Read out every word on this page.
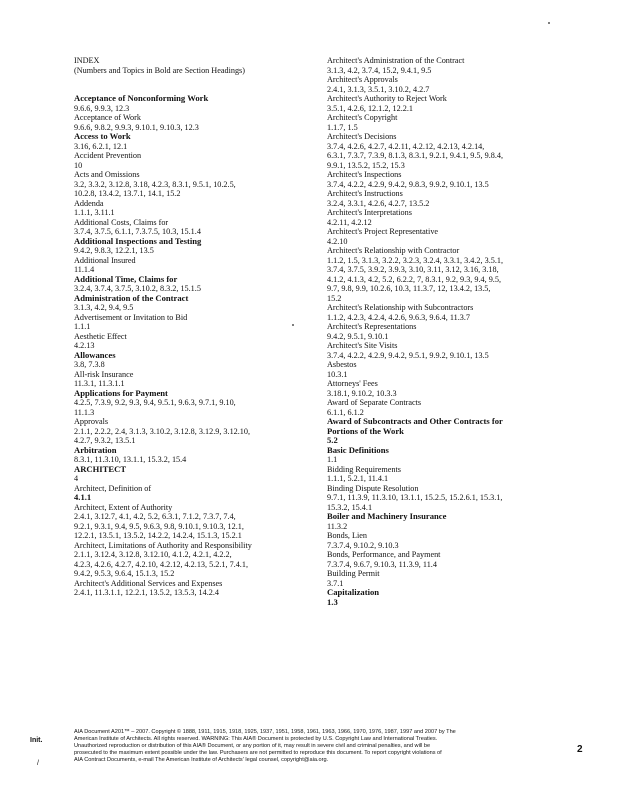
INDEX
(Numbers and Topics in Bold are Section Headings)
Acceptance of Nonconforming Work
9.6.6, 9.9.3, 12.3
Acceptance of Work
9.6.6, 9.8.2, 9.9.3, 9.10.1, 9.10.3, 12.3
Access to Work
3.16, 6.2.1, 12.1
Accident Prevention
10
Acts and Omissions
3.2, 3.3.2, 3.12.8, 3.18, 4.2.3, 8.3.1, 9.5.1, 10.2.5,
10.2.8, 13.4.2, 13.7.1, 14.1, 15.2
Addenda
1.1.1, 3.11.1
Additional Costs, Claims for
3.7.4, 3.7.5, 6.1.1, 7.3.7.5, 10.3, 15.1.4
Additional Inspections and Testing
9.4.2, 9.8.3, 12.2.1, 13.5
Additional Insured
11.1.4
Additional Time, Claims for
3.2.4, 3.7.4, 3.7.5, 3.10.2, 8.3.2, 15.1.5
Administration of the Contract
3.1.3, 4.2, 9.4, 9.5
Advertisement or Invitation to Bid
1.1.1
Aesthetic Effect
4.2.13
Allowances
3.8, 7.3.8
All-risk Insurance
11.3.1, 11.3.1.1
Applications for Payment
4.2.5, 7.3.9, 9.2, 9.3, 9.4, 9.5.1, 9.6.3, 9.7.1, 9.10,
11.1.3
Approvals
2.1.1, 2.2.2, 2.4, 3.1.3, 3.10.2, 3.12.8, 3.12.9, 3.12.10,
4.2.7, 9.3.2, 13.5.1
Arbitration
8.3.1, 11.3.10, 13.1.1, 15.3.2, 15.4
ARCHITECT
4
Architect, Definition of
4.1.1
Architect, Extent of Authority
2.4.1, 3.12.7, 4.1, 4.2, 5.2, 6.3.1, 7.1.2, 7.3.7, 7.4,
9.2.1, 9.3.1, 9.4, 9.5, 9.6.3, 9.8, 9.10.1, 9.10.3, 12.1,
12.2.1, 13.5.1, 13.5.2, 14.2.2, 14.2.4, 15.1.3, 15.2.1
Architect, Limitations of Authority and Responsibility
2.1.1, 3.12.4, 3.12.8, 3.12.10, 4.1.2, 4.2.1, 4.2.2,
4.2.3, 4.2.6, 4.2.7, 4.2.10, 4.2.12, 4.2.13, 5.2.1, 7.4.1,
9.4.2, 9.5.3, 9.6.4, 15.1.3, 15.2
Architect's Additional Services and Expenses
2.4.1, 11.3.1.1, 12.2.1, 13.5.2, 13.5.3, 14.2.4
Architect's Administration of the Contract
3.1.3, 4.2, 3.7.4, 15.2, 9.4.1, 9.5
Architect's Approvals
2.4.1, 3.1.3, 3.5.1, 3.10.2, 4.2.7
Architect's Authority to Reject Work
3.5.1, 4.2.6, 12.1.2, 12.2.1
Architect's Copyright
1.1.7, 1.5
Architect's Decisions
3.7.4, 4.2.6, 4.2.7, 4.2.11, 4.2.12, 4.2.13, 4.2.14,
6.3.1, 7.3.7, 7.3.9, 8.1.3, 8.3.1, 9.2.1, 9.4.1, 9.5, 9.8.4,
9.9.1, 13.5.2, 15.2, 15.3
Architect's Inspections
3.7.4, 4.2.2, 4.2.9, 9.4.2, 9.8.3, 9.9.2, 9.10.1, 13.5
Architect's Instructions
3.2.4, 3.3.1, 4.2.6, 4.2.7, 13.5.2
Architect's Interpretations
4.2.11, 4.2.12
Architect's Project Representative
4.2.10
Architect's Relationship with Contractor
1.1.2, 1.5, 3.1.3, 3.2.2, 3.2.3, 3.2.4, 3.3.1, 3.4.2, 3.5.1,
3.7.4, 3.7.5, 3.9.2, 3.9.3, 3.10, 3.11, 3.12, 3.16, 3.18,
4.1.2, 4.1.3, 4.2, 5.2, 6.2.2, 7, 8.3.1, 9.2, 9.3, 9.4, 9.5,
9.7, 9.8, 9.9, 10.2.6, 10.3, 11.3.7, 12, 13.4.2, 13.5,
15.2
Architect's Relationship with Subcontractors
1.1.2, 4.2.3, 4.2.4, 4.2.6, 9.6.3, 9.6.4, 11.3.7
Architect's Representations
9.4.2, 9.5.1, 9.10.1
Architect's Site Visits
3.7.4, 4.2.2, 4.2.9, 9.4.2, 9.5.1, 9.9.2, 9.10.1, 13.5
Asbestos
10.3.1
Attorneys' Fees
3.18.1, 9.10.2, 10.3.3
Award of Separate Contracts
6.1.1, 6.1.2
Award of Subcontracts and Other Contracts for
Portions of the Work
5.2
Basic Definitions
1.1
Bidding Requirements
1.1.1, 5.2.1, 11.4.1
Binding Dispute Resolution
9.7.1, 11.3.9, 11.3.10, 13.1.1, 15.2.5, 15.2.6.1, 15.3.1,
15.3.2, 15.4.1
Boiler and Machinery Insurance
11.3.2
Bonds, Lien
7.3.7.4, 9.10.2, 9.10.3
Bonds, Performance, and Payment
7.3.7.4, 9.6.7, 9.10.3, 11.3.9, 11.4
Building Permit
3.7.1
Capitalization
1.3
Init.
/
2
AIA Document A201™ – 2007. Copyright © 1888, 1911, 1915, 1918, 1925, 1937, 1951, 1958, 1961, 1963, 1966, 1970, 1976, 1987, 1997 and 2007 by The
American Institute of Architects. All rights reserved. WARNING: This AIA® Document is protected by U.S. Copyright Law and International Treaties.
Unauthorized reproduction or distribution of this AIA® Document, or any portion of it, may result in severe civil and criminal penalties, and will be
prosecuted to the maximum extent possible under the law. Purchasers are not permitted to reproduce this document. To report copyright violations of
AIA Contract Documents, e-mail The American Institute of Architects' legal counsel, copyright@aia.org.
